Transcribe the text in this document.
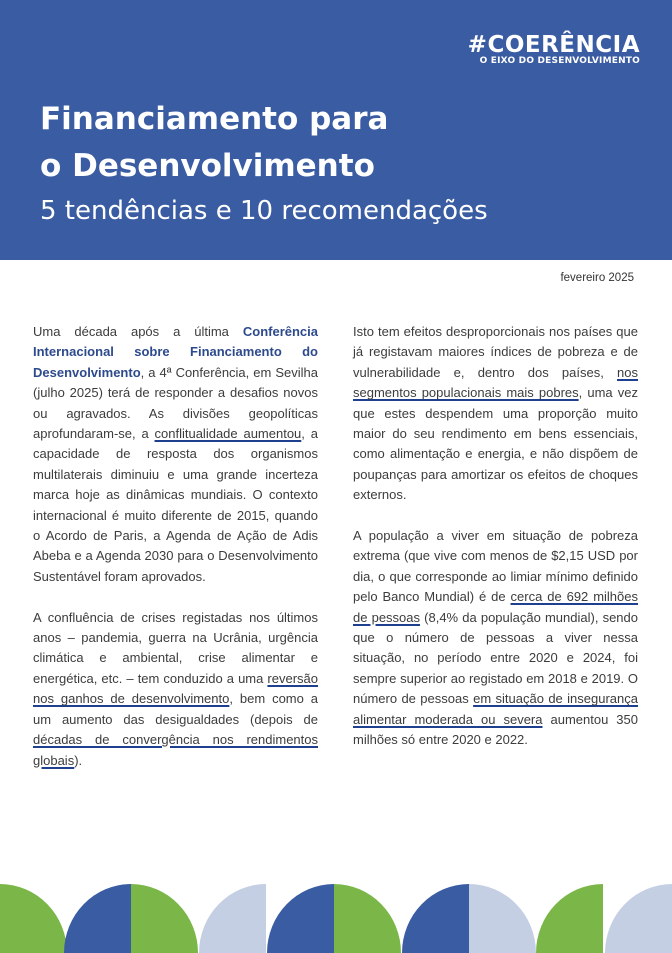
#COERÊNCIA
O EIXO DO DESENVOLVIMENTO
Financiamento para
o Desenvolvimento
5 tendências e 10 recomendações
fevereiro 2025

Uma década após a última Conferência Internacional sobre Financiamento do Desenvolvimento, a 4ª Conferência, em Sevilha (julho 2025) terá de responder a desafios novos ou agravados. As divisões geopolíticas aprofundaram-se, a conflitualidade aumentou, a capacidade de resposta dos organismos multilaterais diminuiu e uma grande incerteza marca hoje as dinâmicas mundiais. O contexto internacional é muito diferente de 2015, quando o Acordo de Paris, a Agenda de Ação de Adis Abeba e a Agenda 2030 para o Desenvolvimento Sustentável foram aprovados.

A confluência de crises registadas nos últimos anos – pandemia, guerra na Ucrânia, urgência climática e ambiental, crise alimentar e energética, etc. – tem conduzido a uma reversão nos ganhos de desenvolvimento, bem como a um aumento das desigualdades (depois de décadas de convergência nos rendimentos globais).

Isto tem efeitos desproporcionais nos países que já registavam maiores índices de pobreza e de vulnerabilidade e, dentro dos países, nos segmentos populacionais mais pobres, uma vez que estes despendem uma proporção muito maior do seu rendimento em bens essenciais, como alimentação e energia, e não dispõem de poupanças para amortizar os efeitos de choques externos.

A população a viver em situação de pobreza extrema (que vive com menos de $2,15 USD por dia, o que corresponde ao limiar mínimo definido pelo Banco Mundial) é de cerca de 692 milhões de pessoas (8,4% da população mundial), sendo que o número de pessoas a viver nessa situação, no período entre 2020 e 2024, foi sempre superior ao registado em 2018 e 2019. O número de pessoas em situação de insegurança alimentar moderada ou severa aumentou 350 milhões só entre 2020 e 2022.
